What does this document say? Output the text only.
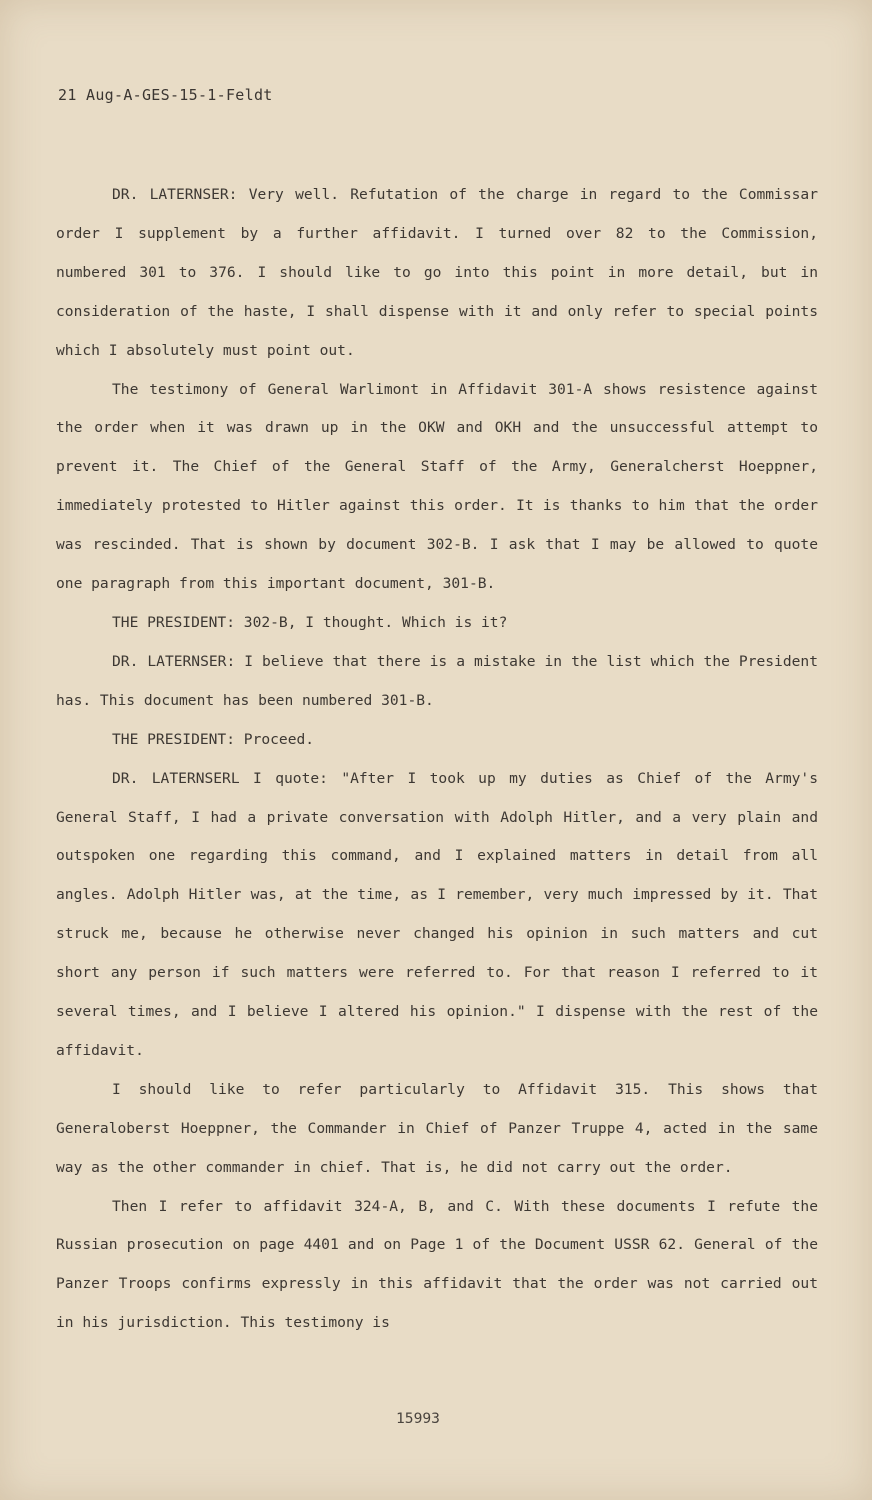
21 Aug-A-GES-15-1-Feldt

DR. LATERNSER: Very well. Refutation of the charge in regard to the Commissar order I supplement by a further affidavit. I turned over 82 to the Commission, numbered 301 to 376. I should like to go into this point in more detail, but in consideration of the haste, I shall dispense with it and only refer to special points which I absolutely must point out.

The testimony of General Warlimont in Affidavit 301-A shows resistence against the order when it was drawn up in the OKW and OKH and the unsuccessful attempt to prevent it. The Chief of the General Staff of the Army, Generalcherst Hoeppner, immediately protested to Hitler against this order. It is thanks to him that the order was rescinded. That is shown by document 302-B. I ask that I may be allowed to quote one paragraph from this important document, 301-B.

THE PRESIDENT: 302-B, I thought. Which is it?

DR. LATERNSER: I believe that there is a mistake in the list which the President has. This document has been numbered 301-B.

THE PRESIDENT: Proceed.

DR. LATERNSERL I quote: "After I took up my duties as Chief of the Army's General Staff, I had a private conversation with Adolph Hitler, and a very plain and outspoken one regarding this command, and I explained matters in detail from all angles. Adolph Hitler was, at the time, as I remember, very much impressed by it. That struck me, because he otherwise never changed his opinion in such matters and cut short any person if such matters were referred to. For that reason I referred to it several times, and I believe I altered his opinion." I dispense with the rest of the affidavit.

I should like to refer particularly to Affidavit 315. This shows that Generaloberst Hoeppner, the Commander in Chief of Panzer Truppe 4, acted in the same way as the other commander in chief. That is, he did not carry out the order.

Then I refer to affidavit 324-A, B, and C. With these documents I refute the Russian prosecution on page 4401 and on Page 1 of the Document USSR 62. General of the Panzer Troops confirms expressly in this affidavit that the order was not carried out in his jurisdiction. This testimony is

15993
